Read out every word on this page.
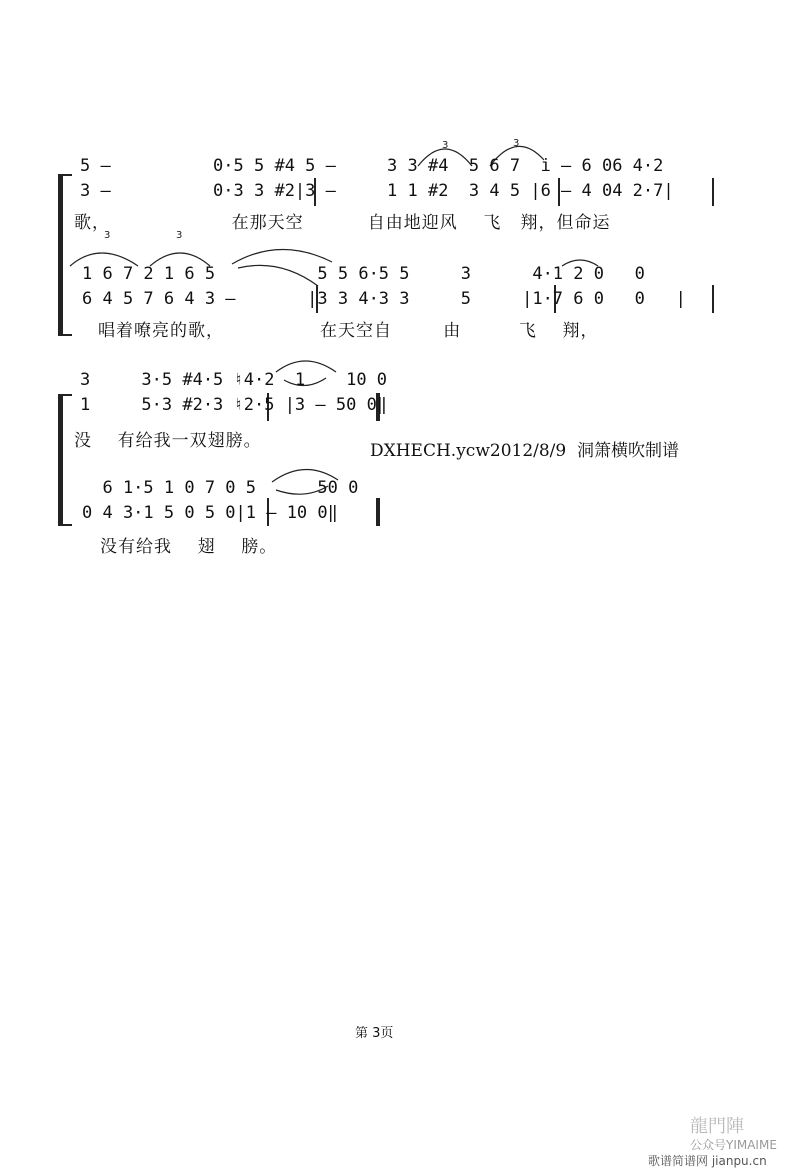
3	3
3	3
5 –          0·5 5 #4 5 –     3 3 #4  5 6 7  i – 6 06 4·2
3 –          0·3 3 #2|3 –     1 1 #2  3 4 5 |6 – 4 04 2·7|
歌，                   在那天空          自由地迎风    飞   翔，但命运
1 6 7 2 1 6 5          5 5 6·5 5     3      4·1 2 0   0
6 4 5 7 6 4 3 –       |3 3 4·3 3     5     |1·7 6 0   0   |
唱着嘹亮的歌，               在天空自        由         飞    翔，
3     3·5 #4·5 ♮4·2  1    10 0
1     5·3 #2·3 ♮2·5 |3 – 50 0‖
没    有给我一双翅膀。	DXHECH.ycw2012/8/9  洞箫横吹制谱
6 1·5 1 0 7 0 5      50 0
0 4 3·1 5 0 5 0|1 – 10 0‖
没有给我    翅    膀。
第 3页
龍門陣
公众号YIMAIME
歌谱简谱网 jianpu.cn
